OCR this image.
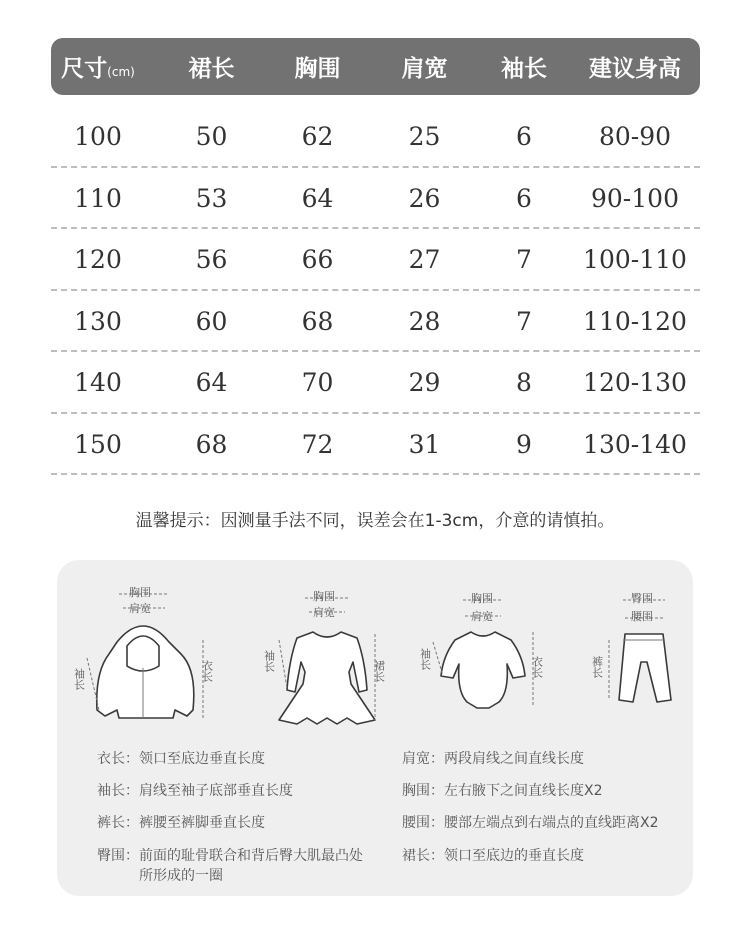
尺寸(cm)	裙长	胸围	肩宽	袖长	建议身高
100	50	62	25	6	80-90
110	53	64	26	6	90-100
120	56	66	27	7	100-110
130	60	68	28	7	110-120
140	64	70	29	8	120-130
150	68	72	31	9	130-140
温馨提示：因测量手法不同，误差会在1-3cm，介意的请慎拍。
胸围
肩宽
衣长
袖长
胸围
肩宽
裙长
袖长
胸围
肩宽
衣长
袖长
臀围
腰围
裤长
衣长：领口至底边垂直长度
袖长：肩线至袖子底部垂直长度
裤长：裤腰至裤脚垂直长度
臀围：前面的耻骨联合和背后臀大肌最凸处
所形成的一圈
肩宽：两段肩线之间直线长度
胸围：左右腋下之间直线长度X2
腰围：腰部左端点到右端点的直线距离X2
裙长：领口至底边的垂直长度
